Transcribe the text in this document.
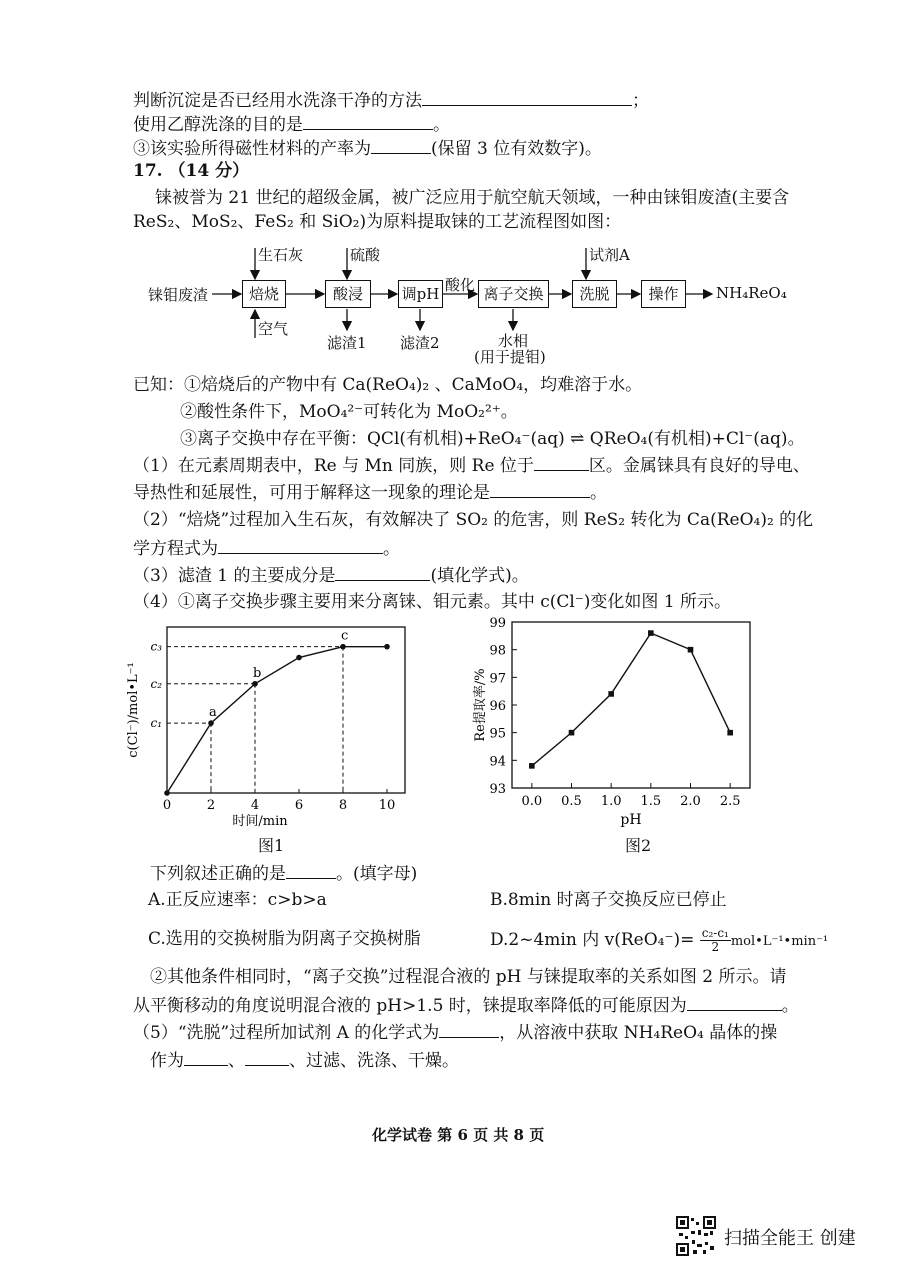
判断沉淀是否已经用水洗涤干净的方法	；
使用乙醇洗涤的目的是	。
③该实验所得磁性材料的产率为	(保留 3 位有效数字)。
17. （14 分）
铼被誉为 21 世纪的超级金属，被广泛应用于航空航天领域，一种由铼钼废渣(主要含
ReS₂、MoS₂、FeS₂ 和 SiO₂)为原料提取铼的工艺流程图如图：
铼钼废渣	焙烧	酸浸	调pH	离子交换	洗脱	操作	NH₄ReO₄
生石灰	硫酸	试剂A
空气
酸化
滤渣1 滤渣2	水相
(用于提钼)
已知：①焙烧后的产物中有 Ca(ReO₄)₂ 、CaMoO₄，均难溶于水。
②酸性条件下，MoO₄²⁻可转化为 MoO₂²⁺。
③离子交换中存在平衡：QCl(有机相)+ReO₄⁻(aq) ⇌ QReO₄(有机相)+Cl⁻(aq)。
（1）在元素周期表中，Re 与 Mn 同族，则 Re 位于	区。金属铼具有良好的导电、
导热性和延展性，可用于解释这一现象的理论是	。
（2）“焙烧”过程加入生石灰，有效解决了 SO₂ 的危害，则 ReS₂ 转化为 Ca(ReO₄)₂ 的化
学方程式为	。
（3）滤渣 1 的主要成分是	(填化学式)。
（4）①离子交换步骤主要用来分离铼、钼元素。其中 c(Cl⁻)变化如图 1 所示。
0	2	4	6	8 10
c₁
c₂
c₃
a
b
c
时间/min
c(Cl⁻)/mol•L⁻¹
图1
0.0 0.5 1.0 1.5 2.0 2.5
93
94
95
96
97
98
99
pH
Re提取率/%
图2
下列叙述正确的是	。(填字母)
A.正反应速率：c>b>a	B.8min 时离子交换反应已停止
C.选用的交换树脂为阴离子交换树脂	D.2~4min 内 $v(ReO_4^-)= \frac{\text{c₂-c₁}}{2}$ mol•L⁻¹•min⁻¹
②其他条件相同时，“离子交换”过程混合液的 pH 与铼提取率的关系如图 2 所示。请
从平衡移动的角度说明混合液的 pH>1.5 时，铼提取率降低的可能原因为	。
（5）“洗脱”过程所加试剂 A 的化学式为	，从溶液中获取 NH₄ReO₄ 晶体的操
作为	、	、过滤、洗涤、干燥。
化学试卷 第 6 页 共 8 页
扫描全能王 创建
